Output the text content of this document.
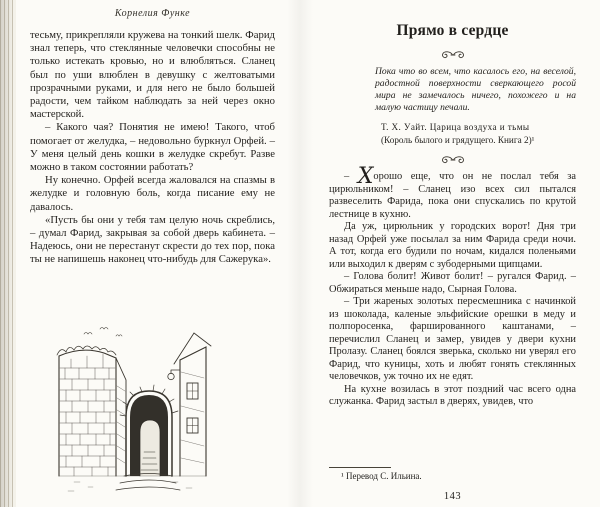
Корнелия Функе

тесьму, прикрепляли кружева на тонкий шелк. Фарид знал теперь, что стеклянные человечки способны не только истекать кровью, но и влюбляться. Сланец был по уши влюблен в девушку с желтоватыми прозрачными руками, и для него не было большей радости, чем тайком наблюдать за ней через окно мастерской.

– Какого чая? Понятия не имею! Такого, чтоб помогает от желудка, – недовольно буркнул Орфей. – У меня целый день кошки в желудке скребут. Разве можно в таком состоянии работать?

Ну конечно. Орфей всегда жаловался на спазмы в желудке и головную боль, когда писание ему не давалось.

«Пусть бы они у тебя там целую ночь скреблись, – думал Фарид, закрывая за собой дверь кабинета. – Надеюсь, они не перестанут скрести до тех пор, пока ты не напишешь наконец что-нибудь для Сажерука».

Прямо в сердце
Пока что во всем, что касалось его, на веселой, радостной поверхности сверкающего росой мира не замечалось ничего, похожего и на малую частицу печали.
Т. Х. Уайт. Царица воздуха и тьмы
(Король былого и грядущего. Книга 2)¹

– Хорошо еще, что он не послал тебя за цирюльником! – Сланец изо всех сил пытался развеселить Фарида, пока они спускались по крутой лестнице в кухню.

Да уж, цирюльник у городских ворот! Дня три назад Орфей уже посылал за ним Фарида среди ночи. А тот, когда его будили по ночам, кидался поленьями или выходил к дверям с зубодерными щипцами.

– Голова болит! Живот болит! – ругался Фарид. – Обжираться меньше надо, Сырная Голова.

– Три жареных золотых пересмешника с начинкой из шоколада, каленые эльфийские орешки в меду и полпоросенка, фаршированного каштанами, – перечислил Сланец и замер, увидев у двери кухни Пролазу. Сланец боялся зверька, сколько ни уверял его Фарид, что куницы, хоть и любят гонять стеклянных человечков, уж точно их не едят.

На кухне возилась в этот поздний час всего одна служанка. Фарид застыл в дверях, увидев, что

¹ Перевод С. Ильина.
143
